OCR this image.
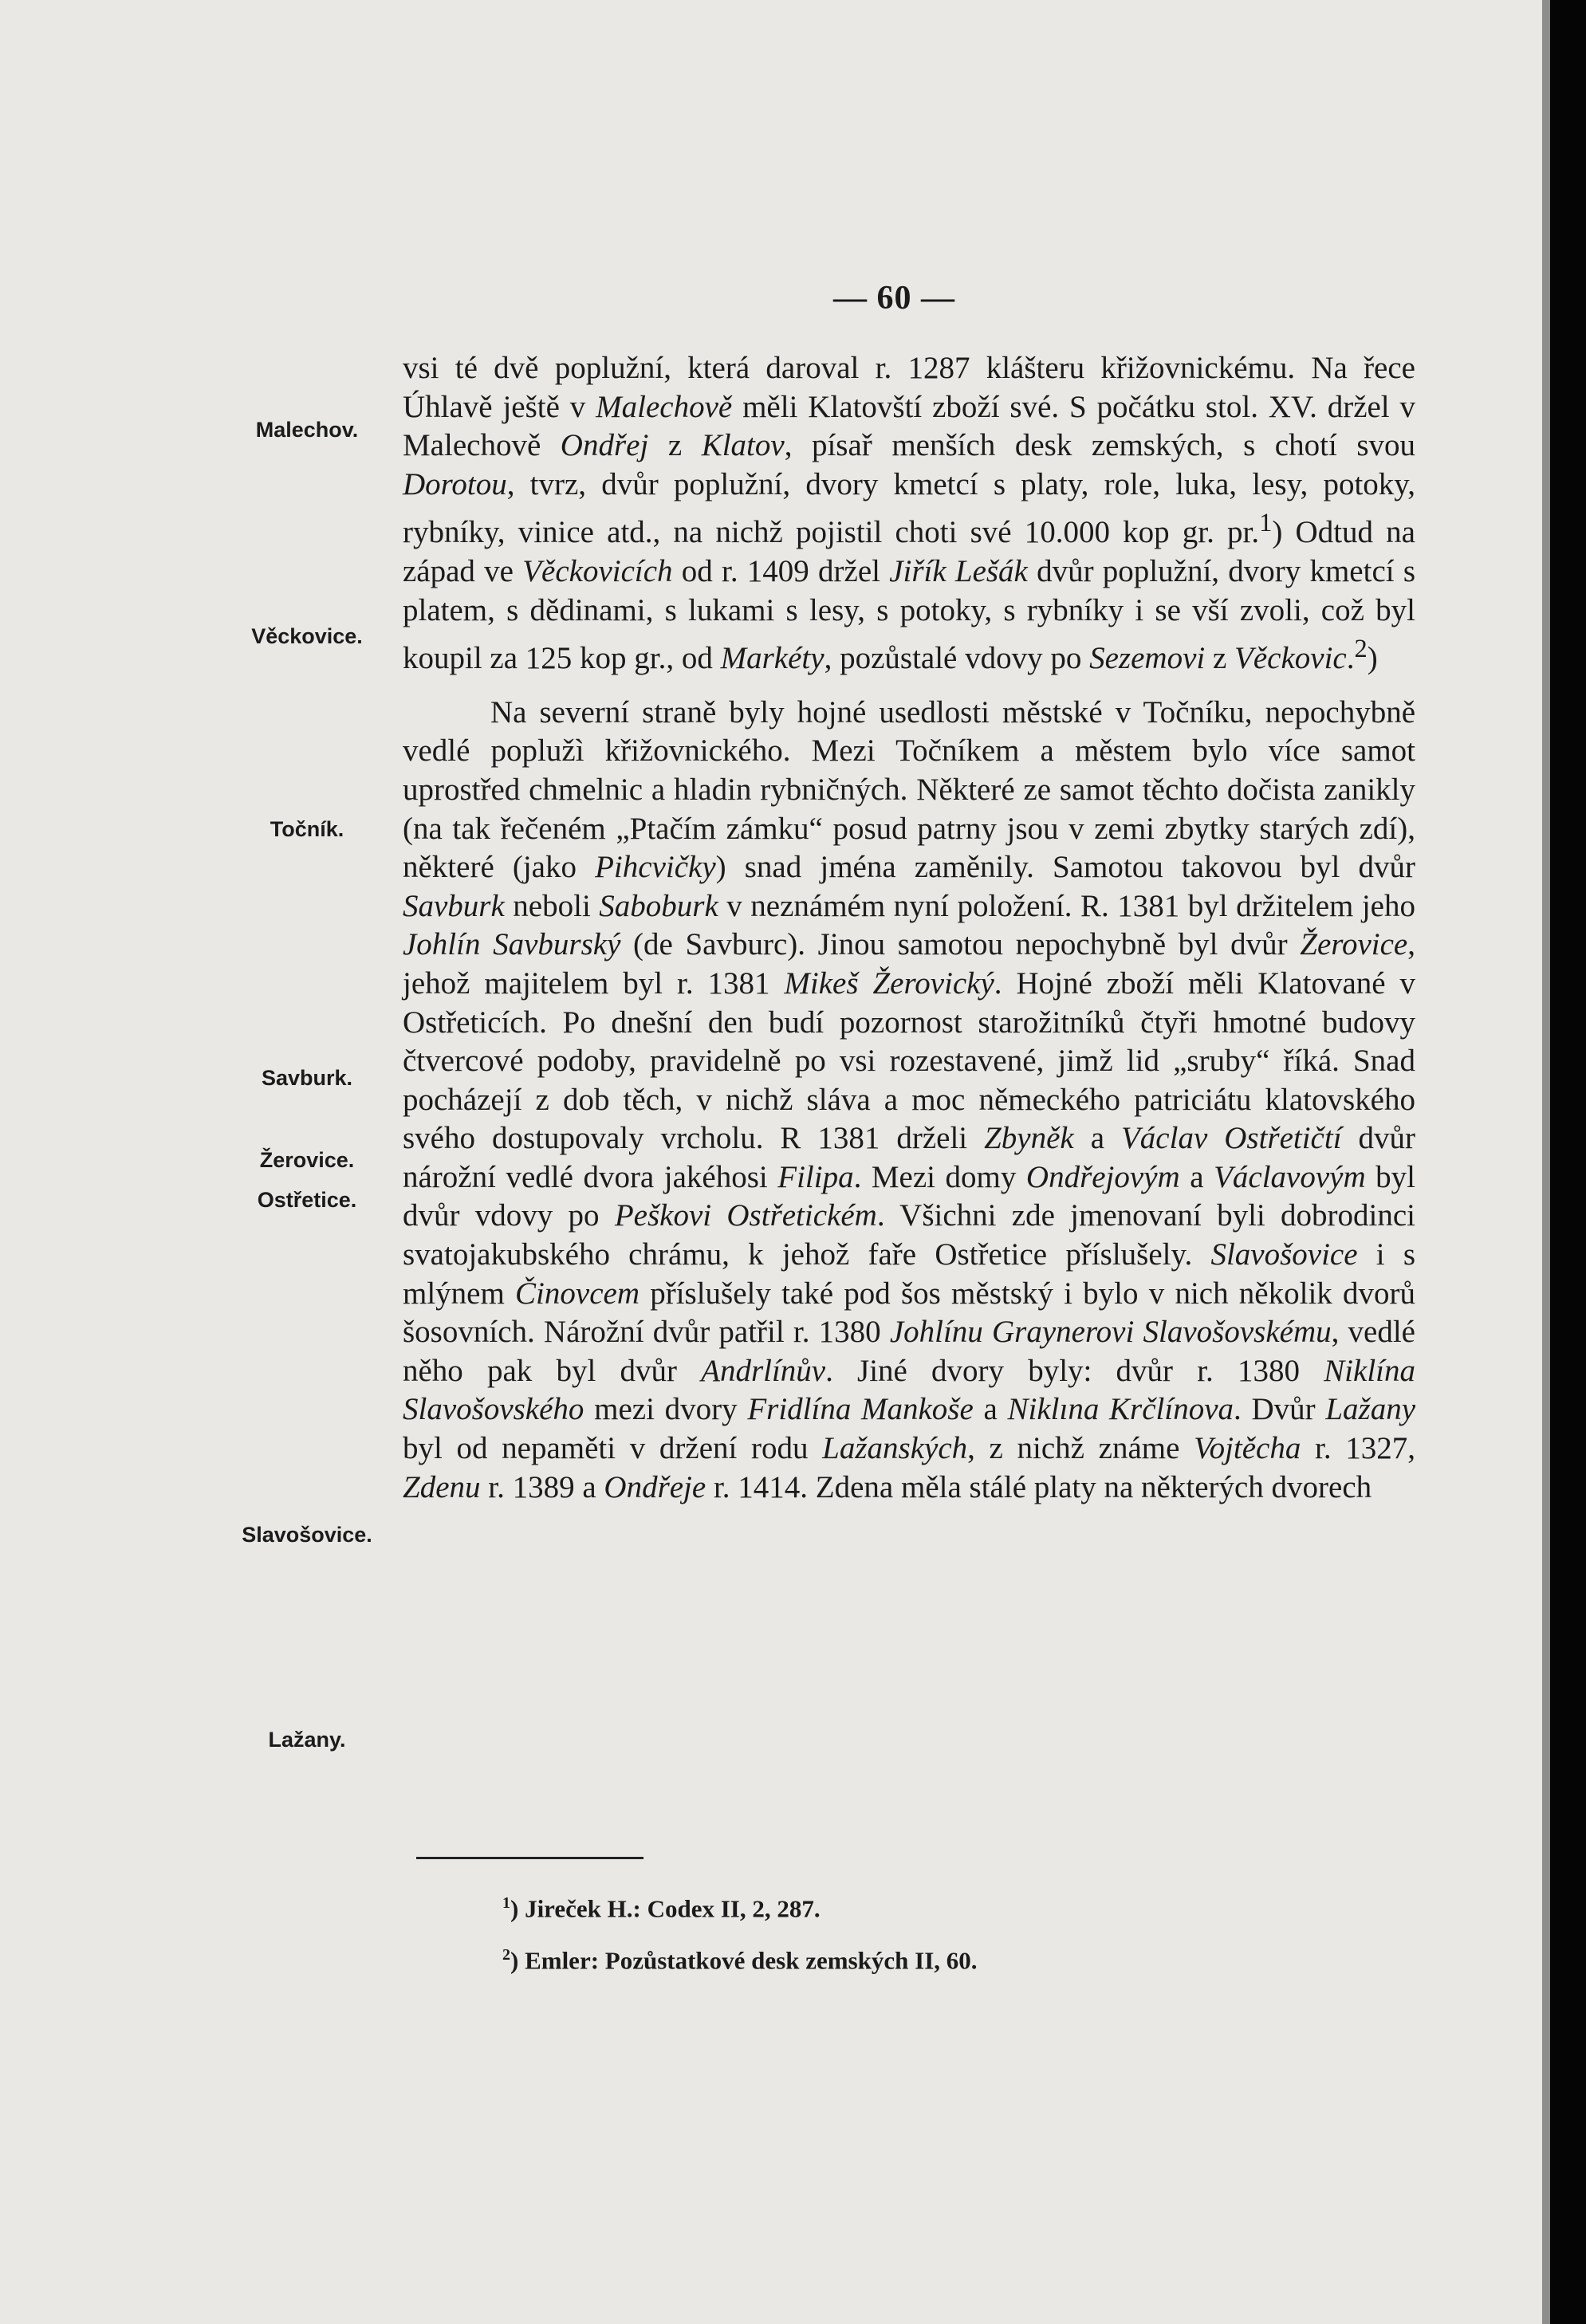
— 60 —
Malechov.
Věckovice.
Točník.
Savburk.
Žerovice.
Ostřetice.
Slavošovice.
Lažany.

vsi té dvě poplužní, která daroval r. 1287 klášteru křižovnickému. Na řece Úhlavě ještě v Malechově měli Klatovští zboží své. S počátku stol. XV. držel v Malechově Ondřej z Klatov, písař menších desk zemských, s chotí svou Dorotou, tvrz, dvůr poplužní, dvory kmetcí s platy, role, luka, lesy, potoky, rybníky, vinice atd., na nichž pojistil choti své 10.000 kop gr. pr.$^1$) Odtud na západ ve Věckovicích od r. 1409 držel Jiřík Lešák dvůr poplužní, dvory kmetcí s platem, s dědinami, s lukami s lesy, s potoky, s rybníky i se vší zvoli, což byl koupil za 125 kop gr., od Markéty, pozůstalé vdovy po Sezemovi z Věckovic.$^2$)

Na severní straně byly hojné usedlosti městské v Točníku, nepochybně vedlé poplužì křižovnického. Mezi Točníkem a městem bylo více samot uprostřed chmelnic a hladin rybničných. Některé ze samot těchto dočista zanikly (na tak řečeném „Ptačím zámku“ posud patrny jsou v zemi zbytky starých zdí), některé (jako Pihcvičky) snad jména zaměnily. Samotou takovou byl dvůr Savburk neboli Saboburk v neznámém nyní položení. R. 1381 byl držitelem jeho Johlín Savburský (de Savburc). Jinou samotou nepochybně byl dvůr Žerovice, jehož majitelem byl r. 1381 Mikeš Žerovický. Hojné zboží měli Klatované v Ostřeticích. Po dnešní den budí pozornost starožitníků čtyři hmotné budovy čtvercové podoby, pravidelně po vsi rozestavené, jimž lid „sruby“ říká. Snad pocházejí z dob těch, v nichž sláva a moc německého patriciátu klatovského svého dostupovaly vrcholu. R 1381 drželi Zbyněk a Václav Ostřetičtí dvůr nárožní vedlé dvora jakéhosi Filipa. Mezi domy Ondřejovým a Václavovým byl dvůr vdovy po Peškovi Ostřetickém. Všichni zde jmenovaní byli dobrodinci svatojakubského chrámu, k jehož faře Ostřetice příslušely. Slavošovice i s mlýnem Činovcem příslušely také pod šos městský i bylo v nich několik dvorů šosovních. Nárožní dvůr patřil r. 1380 Johlínu Graynerovi Slavošovskému, vedlé něho pak byl dvůr Andrlínův. Jiné dvory byly: dvůr r. 1380 Niklína Slavošovského mezi dvory Fridlína Mankoše a Niklına Krčlínova. Dvůr Lažany byl od nepaměti v držení rodu Lažanských, z nichž známe Vojtěcha r. 1327, Zdenu r. 1389 a Ondřeje r. 1414. Zdena měla stálé platy na některých dvorech

$^1$) Jireček H.: Codex II, 2, 287.
$^2$) Emler: Pozůstatkové desk zemských II, 60.
